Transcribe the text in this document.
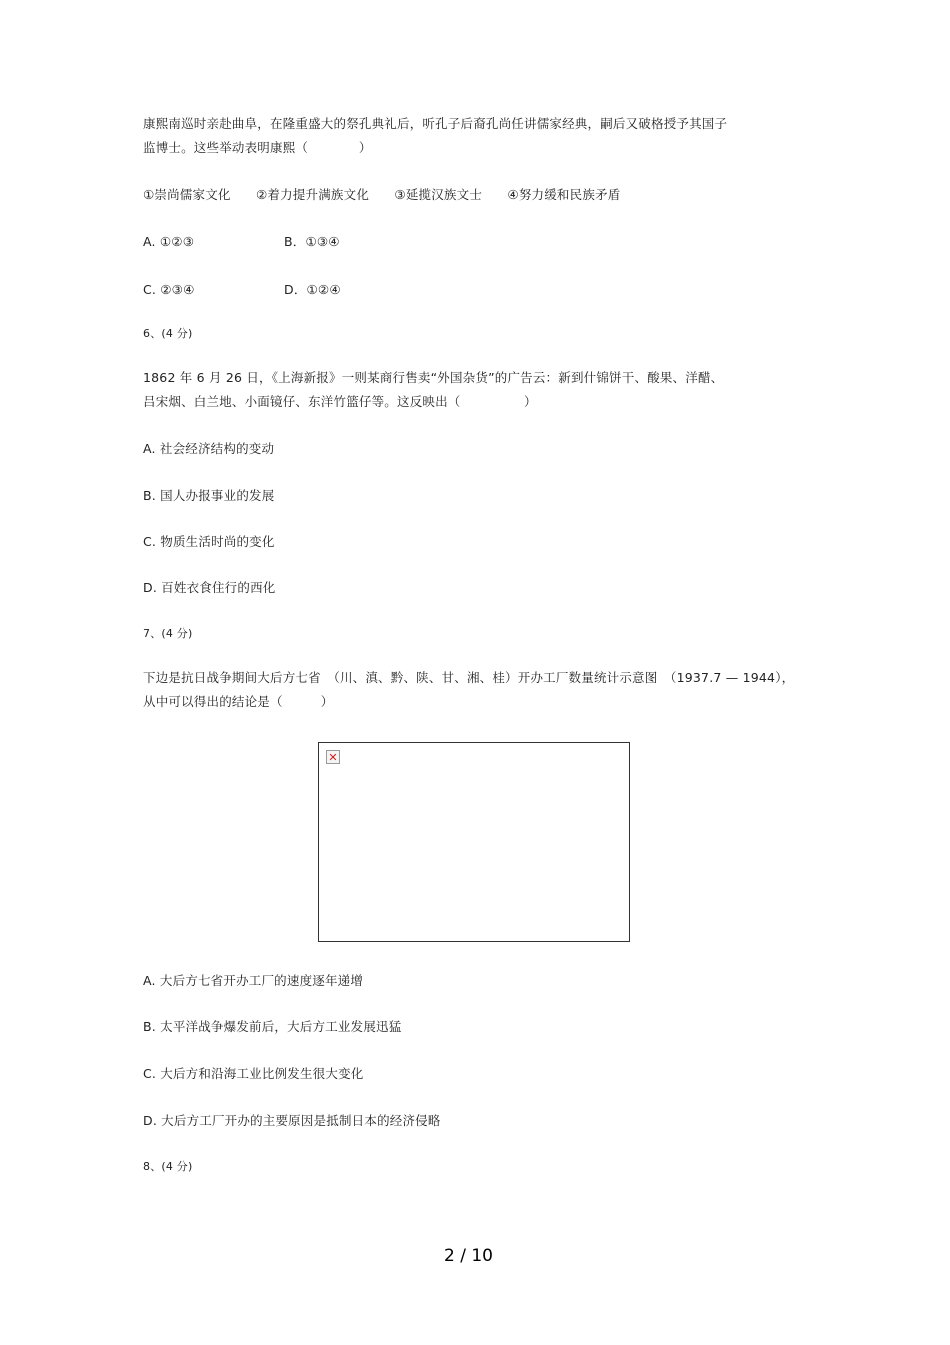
康熙南巡时亲赴曲阜，在隆重盛大的祭孔典礼后，听孔子后裔孔尚任讲儒家经典，嗣后又破格授予其国子
监博士。这些举动表明康熙（　　　　）
①崇尚儒家文化　　②着力提升满族文化　　③延揽汉族文士　　④努力缓和民族矛盾
A. ①②③	B．①③④
C. ②③④	D．①②④
6、(4 分)
1862 年 6 月 26 日，《上海新报》一则某商行售卖“外国杂货”的广告云：新到什锦饼干、酸果、洋醋、
吕宋烟、白兰地、小面镜仔、东洋竹篮仔等。这反映出（　　　　　）
A. 社会经济结构的变动
B. 国人办报事业的发展
C. 物质生活时尚的变化
D. 百姓衣食住行的西化
7、(4 分)
下边是抗日战争期间大后方七省　（川、滇、黔、陕、甘、湘、桂）开办工厂数量统计示意图　（1937.7 — 1944），
从中可以得出的结论是（　　　）
✕
A. 大后方七省开办工厂的速度逐年递增
B. 太平洋战争爆发前后，大后方工业发展迅猛
C. 大后方和沿海工业比例发生很大变化
D. 大后方工厂开办的主要原因是抵制日本的经济侵略
8、(4 分)
2 / 10
